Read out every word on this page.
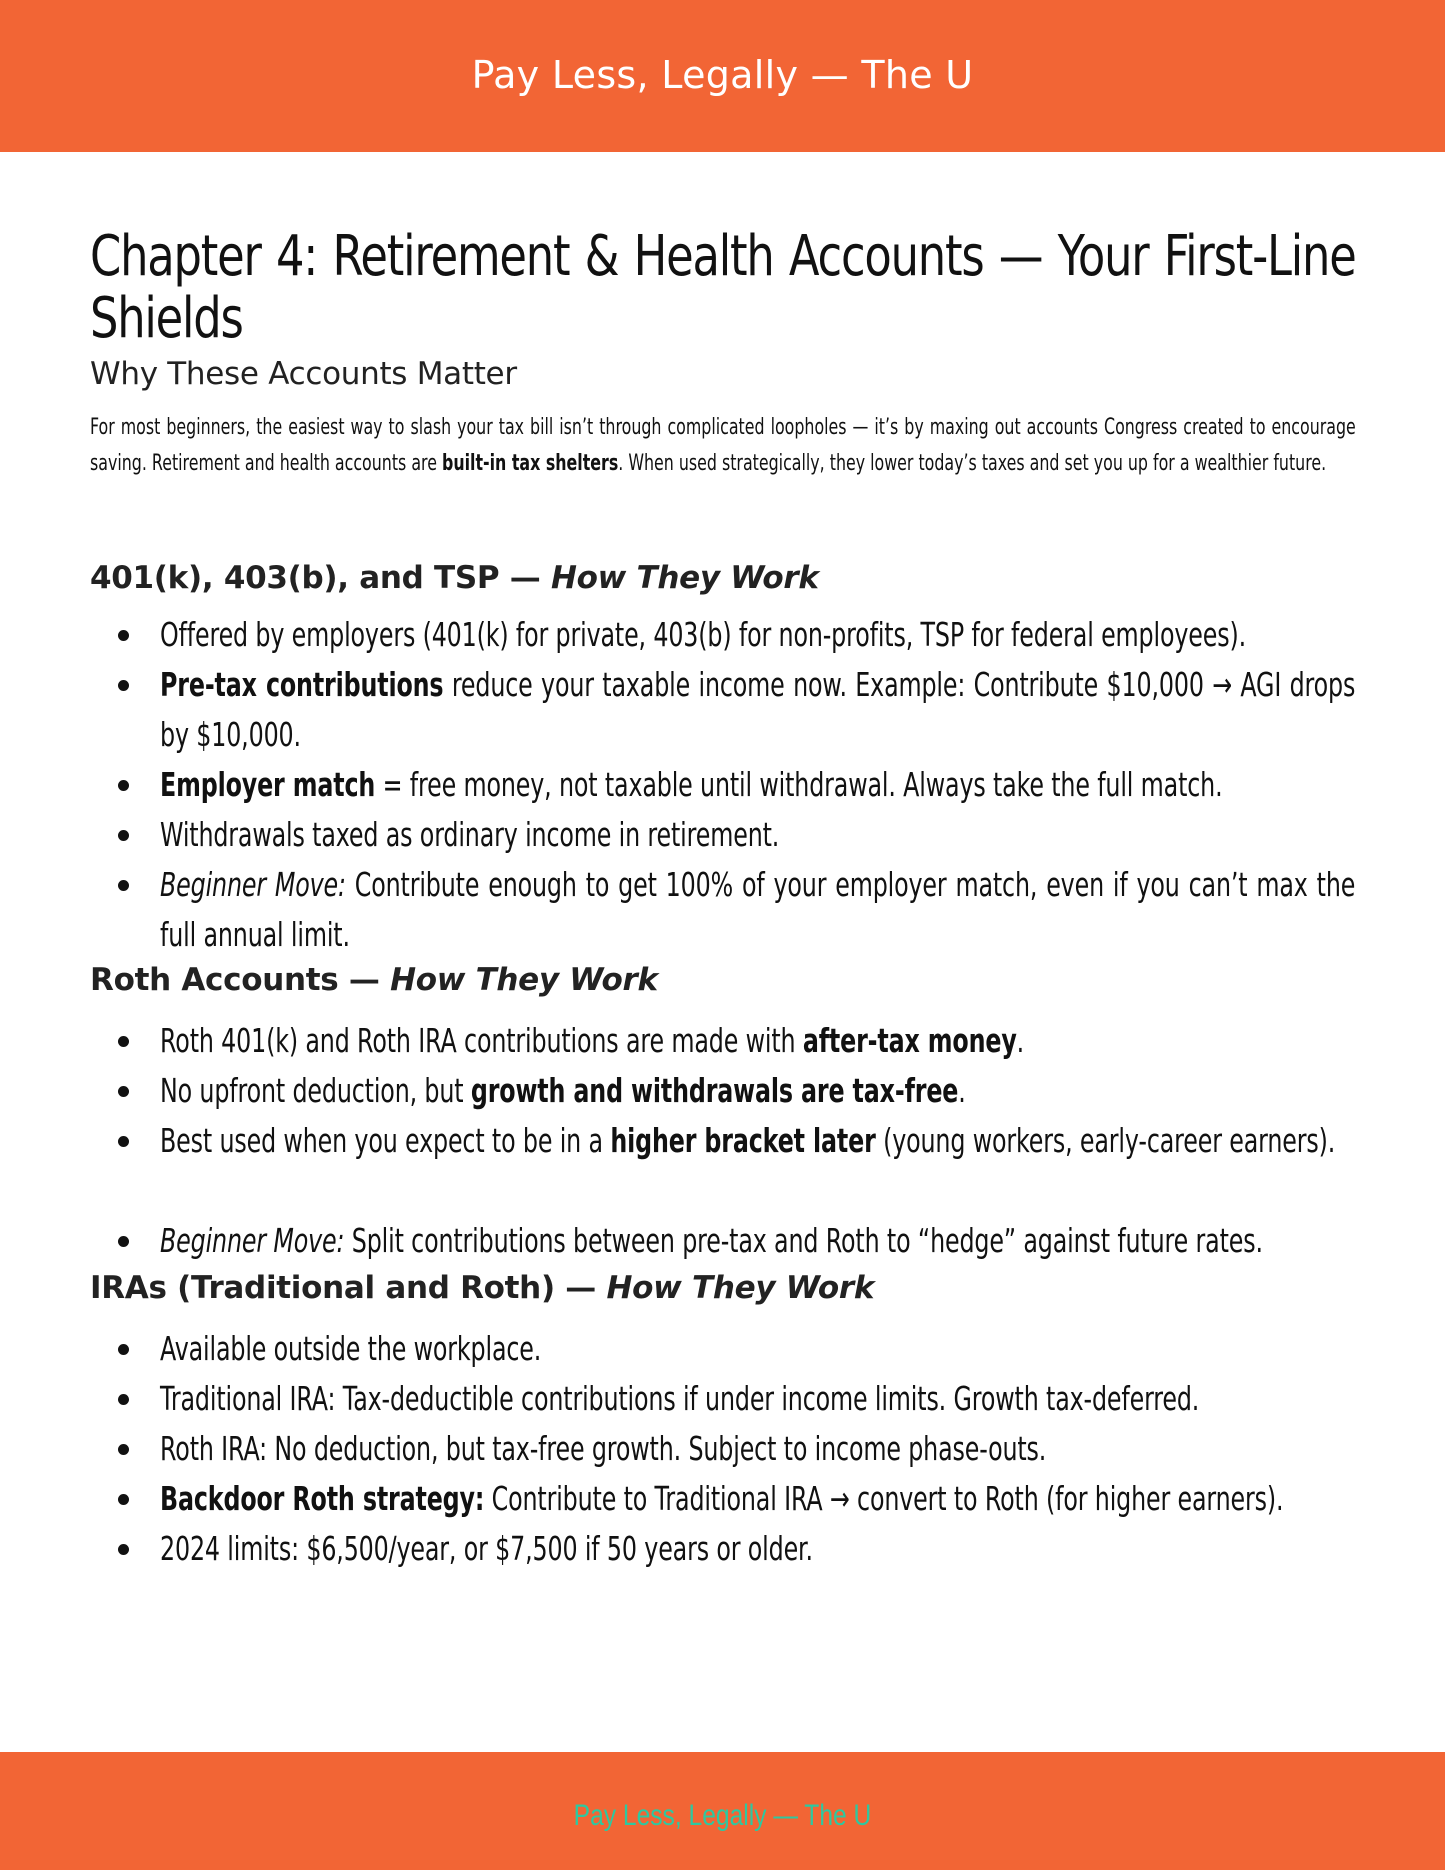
Pay Less, Legally — The U
Chapter 4: Retirement & Health Accounts — Your First-Line Shields
Why These Accounts Matter

For most beginners, the easiest way to slash your tax bill isn’t through complicated loopholes — it’s by maxing out accounts Congress created to encourage saving. Retirement and health accounts are built-in tax shelters. When used strategically, they lower today’s taxes and set you up for a wealthier future.

401(k), 403(b), and TSP — How They Work

Offered by employers (401(k) for private, 403(b) for non-profits, TSP for federal employees).

Pre-tax contributions reduce your taxable income now. Example: Contribute $10,000 → AGI drops by $10,000.

Employer match = free money, not taxable until withdrawal. Always take the full match.

Withdrawals taxed as ordinary income in retirement.

Beginner Move: Contribute enough to get 100% of your employer match, even if you can’t max the full annual limit.

Roth Accounts — How They Work

Roth 401(k) and Roth IRA contributions are made with after-tax money.

No upfront deduction, but growth and withdrawals are tax-free.

Best used when you expect to be in a higher bracket later (young workers, early-career earners).

Beginner Move: Split contributions between pre-tax and Roth to “hedge” against future rates.

IRAs (Traditional and Roth) — How They Work

Available outside the workplace.

Traditional IRA: Tax-deductible contributions if under income limits. Growth tax-deferred.

Roth IRA: No deduction, but tax-free growth. Subject to income phase-outs.

Backdoor Roth strategy: Contribute to Traditional IRA → convert to Roth (for higher earners).

2024 limits: $6,500/year, or $7,500 if 50 years or older.

Pay Less, Legally — The U
